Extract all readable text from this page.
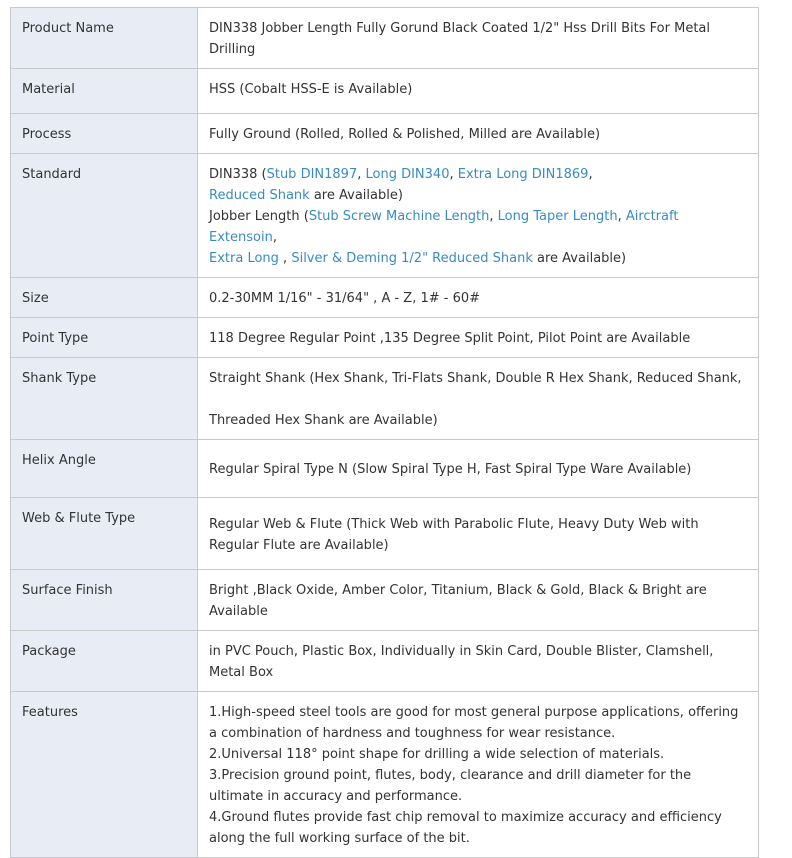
Product Name	DIN338 Jobber Length Fully Gorund Black Coated 1/2" Hss Drill Bits For Metal Drilling
Material	HSS (Cobalt HSS-E is Available)
Process	Fully Ground (Rolled, Rolled & Polished, Milled are Available)
Standard	DIN338 (Stub DIN1897, Long DIN340, Extra Long DIN1869,
Reduced Shank are Available)
Jobber Length (Stub Screw Machine Length, Long Taper Length, Airctraft Extensoin,
Extra Long , Silver & Deming 1/2" Reduced Shank are Available)
Size	0.2-30MM 1/16" - 31/64" , A - Z, 1# - 60#
Point Type	118 Degree Regular Point ,135 Degree Split Point, Pilot Point are Available
Shank Type	Straight Shank (Hex Shank, Tri-Flats Shank, Double R Hex Shank, Reduced Shank,
Threaded Hex Shank are Available)
Helix Angle	Regular Spiral Type N (Slow Spiral Type H, Fast Spiral Type Ware Available)
Web & Flute Type	Regular Web & Flute (Thick Web with Parabolic Flute, Heavy Duty Web with Regular Flute are Available)
Surface Finish	Bright ,Black Oxide, Amber Color, Titanium, Black & Gold, Black & Bright are Available
Package	in PVC Pouch, Plastic Box, Individually in Skin Card, Double Blister, Clamshell, Metal Box
Features	1.High-speed steel tools are good for most general purpose applications, offering a combination of hardness and toughness for wear resistance.
2.Universal 118° point shape for drilling a wide selection of materials.
3.Precision ground point, flutes, body, clearance and drill diameter for the ultimate in accuracy and performance.
4.Ground flutes provide fast chip removal to maximize accuracy and efficiency along the full working surface of the bit.
